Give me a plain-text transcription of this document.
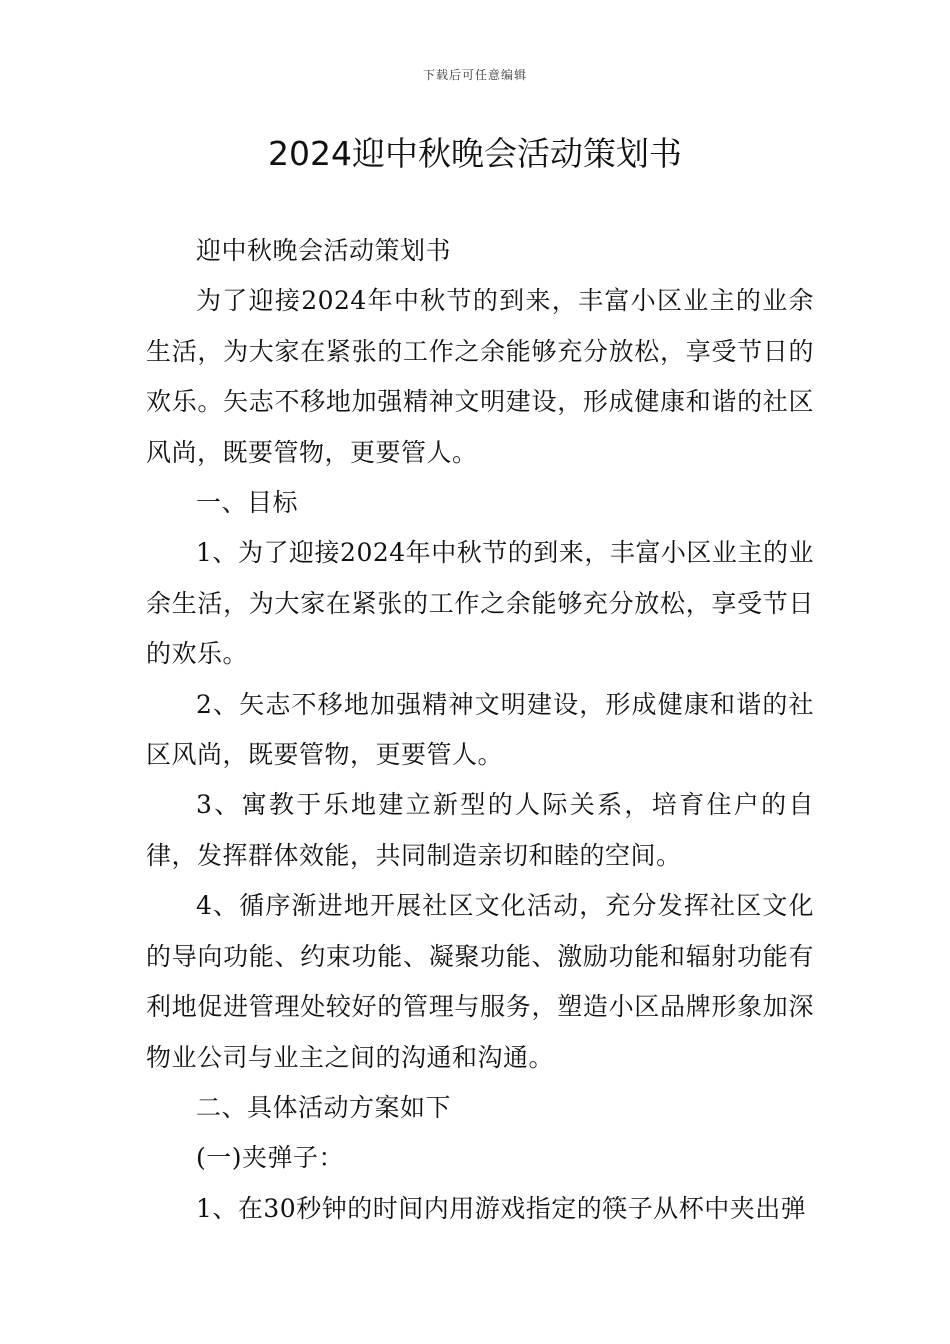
下载后可任意编辑
2024迎中秋晚会活动策划书

迎中秋晚会活动策划书

为了迎接2024年中秋节的到来，丰富小区业主的业余生活，为大家在紧张的工作之余能够充分放松，享受节日的欢乐。矢志不移地加强精神文明建设，形成健康和谐的社区风尚，既要管物，更要管人。

一、目标

1、为了迎接2024年中秋节的到来，丰富小区业主的业余生活，为大家在紧张的工作之余能够充分放松，享受节日的欢乐。

2、矢志不移地加强精神文明建设，形成健康和谐的社区风尚，既要管物，更要管人。

3、寓教于乐地建立新型的人际关系，培育住户的自律，发挥群体效能，共同制造亲切和睦的空间。

4、循序渐进地开展社区文化活动，充分发挥社区文化的导向功能、约束功能、凝聚功能、激励功能和辐射功能有利地促进管理处较好的管理与服务，塑造小区品牌形象加深物业公司与业主之间的沟通和沟通。

二、具体活动方案如下

(一)夹弹子：

1、在30秒钟的时间内用游戏指定的筷子从杯中夹出弹
